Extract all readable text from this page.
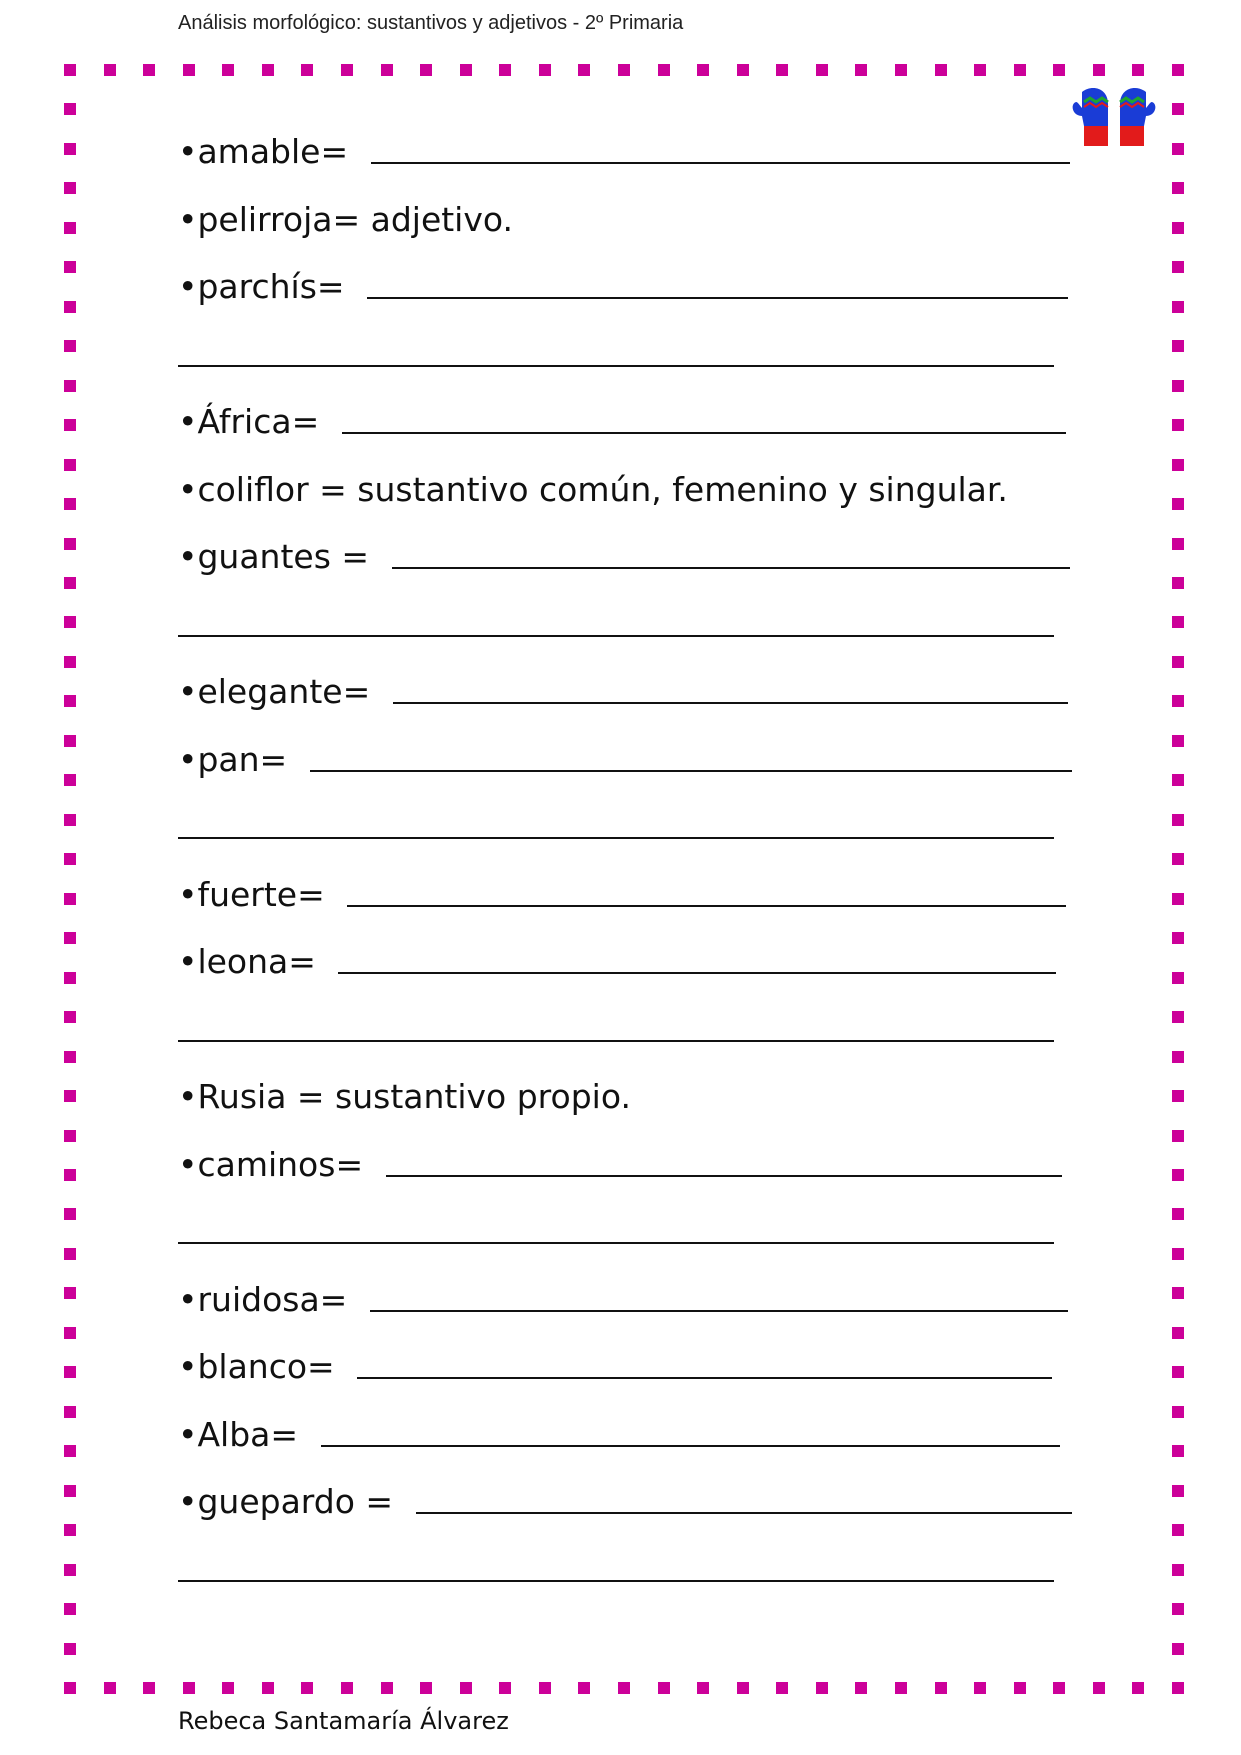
Análisis morfológico: sustantivos y adjetivos - 2º Primaria
•amable=
•pelirroja= adjetivo.
•parchís=
•África=
•coliflor = sustantivo común, femenino y singular.
•guantes =
•elegante=
•pan=
•fuerte=
•leona=
•Rusia = sustantivo propio.
•caminos=
•ruidosa=
•blanco=
•Alba=
•guepardo =
Rebeca Santamaría Álvarez
